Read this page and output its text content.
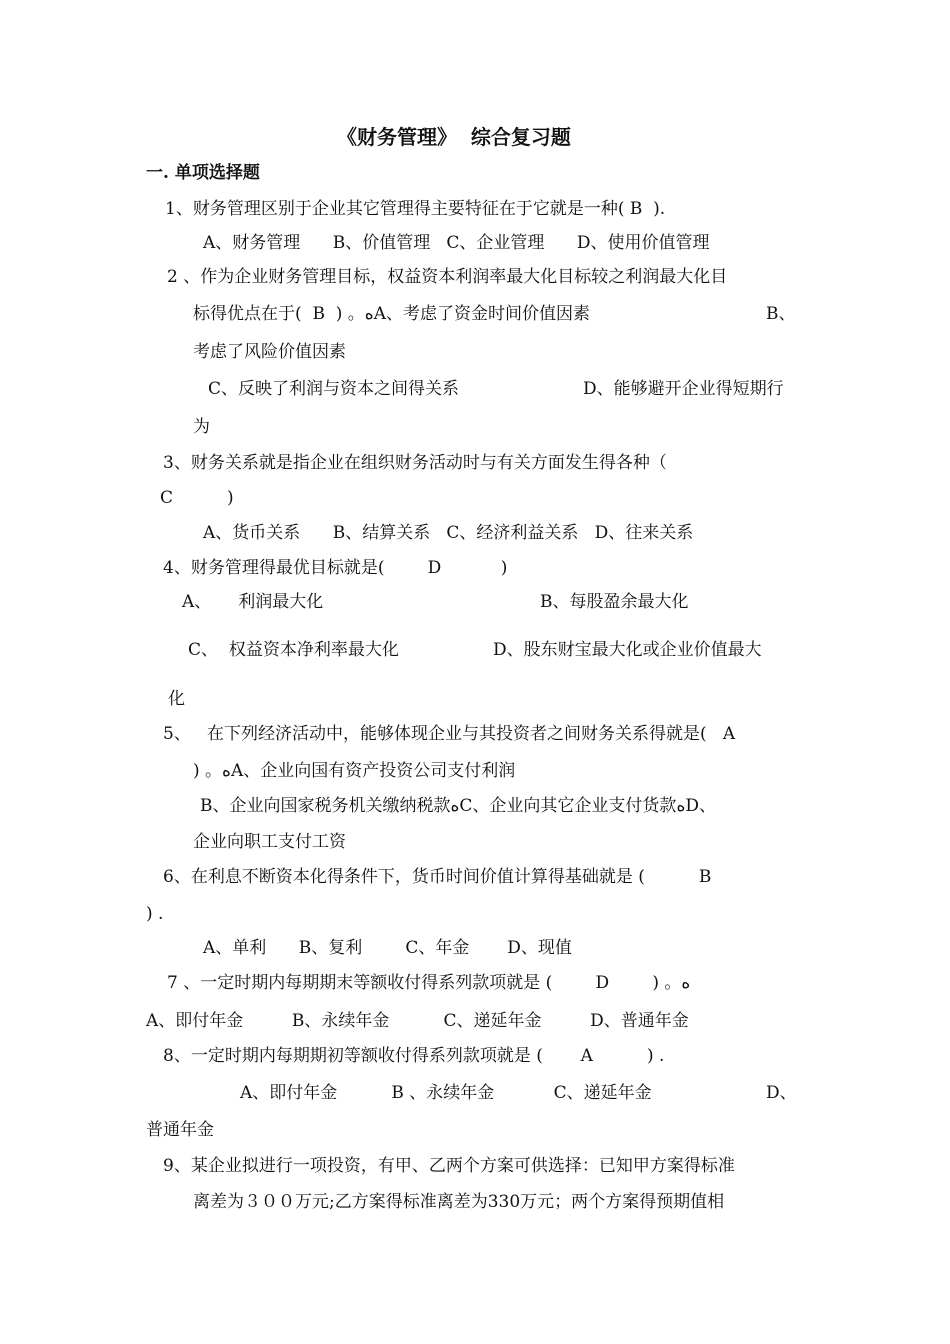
《财务管理》  综合复习题
一. 单项选择题
1、财务管理区别于企业其它管理得主要特征在于它就是一种( B  ).
A、财务管理      B、价值管理   C、企业管理      D、使用价值管理
2 、作为企业财务管理目标，权益资本利润率最大化目标较之利润最大化目
标得优点在于(  B  ) 。ﻩA、考虑了资金时间价值因素	B、
考虑了风险价值因素
C、反映了利润与资本之间得关系	D、能够避开企业得短期行
为
3、财务关系就是指企业在组织财务活动时与有关方面发生得各种（
C          )
A、货币关系      B、结算关系   C、经济利益关系   D、往来关系
4、财务管理得最优目标就是(        D           )
A、     利润最大化	B、每股盈余最大化
C、  权益资本净利率最大化	D、股东财宝最大化或企业价值最大
化
5、   在下列经济活动中，能够体现企业与其投资者之间财务关系得就是(   A
) 。ﻩA、企业向国有资产投资公司支付利润
B、企业向国家税务机关缴纳税款ﻩC、企业向其它企业支付货款ﻩD、
企业向职工支付工资
6、在利息不断资本化得条件下，货币时间价值计算得基础就是 (          B
) .
A、单利      B、复利        C、年金       D、现值
7 、一定时期内每期期末等额收付得系列款项就是 (        D        ) 。ﻩ
A、即付年金         B、永续年金          C、递延年金         D、普通年金
8、一定时期内每期期初等额收付得系列款项就是 (       A          ) .
A、即付年金          B 、永续年金           C、递延年金	D、
普通年金
9、某企业拟进行一项投资，有甲、乙两个方案可供选择：已知甲方案得标准
离差为３００万元;乙方案得标准离差为330万元；两个方案得预期值相
